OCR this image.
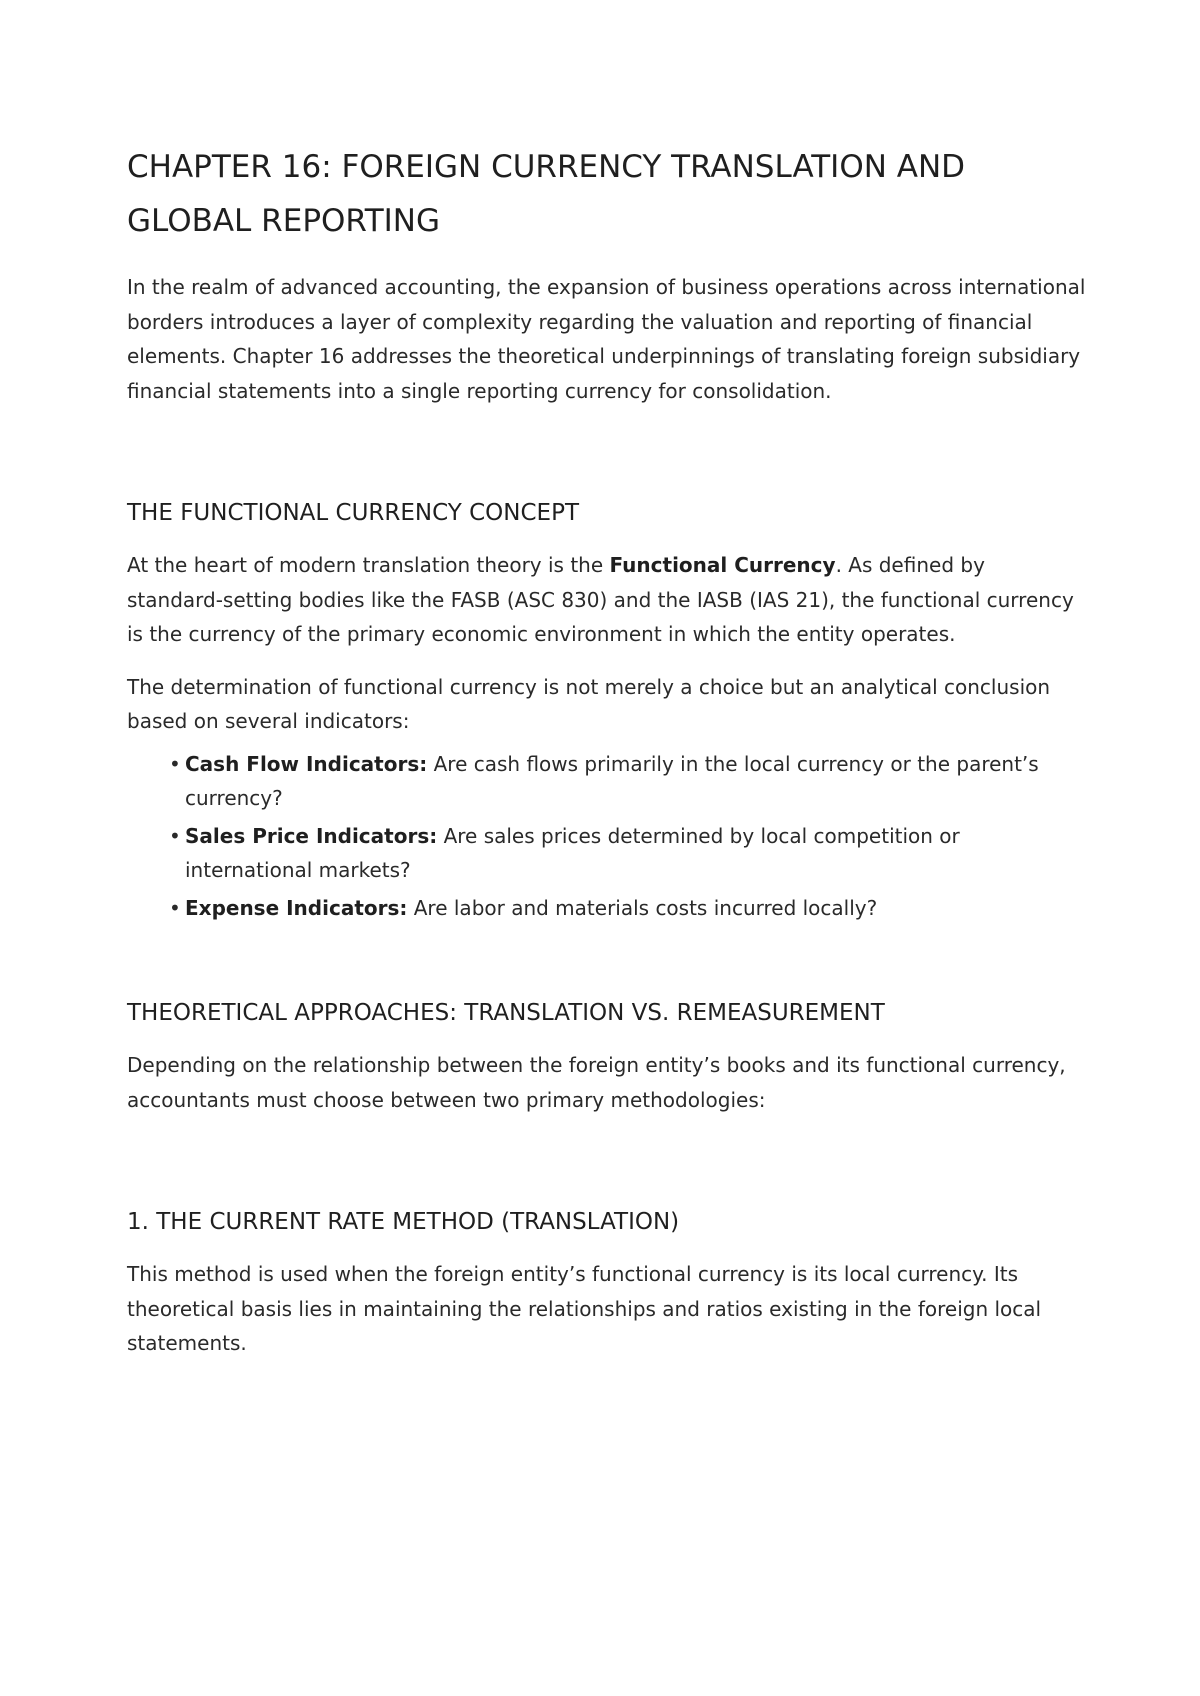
CHAPTER 16: FOREIGN CURRENCY TRANSLATION AND GLOBAL REPORTING

In the realm of advanced accounting, the expansion of business operations across international borders introduces a layer of complexity regarding the valuation and reporting of financial elements. Chapter 16 addresses the theoretical underpinnings of translating foreign subsidiary financial statements into a single reporting currency for consolidation.

THE FUNCTIONAL CURRENCY CONCEPT

At the heart of modern translation theory is the Functional Currency. As defined by standard-setting bodies like the FASB (ASC 830) and the IASB (IAS 21), the functional currency is the currency of the primary economic environment in which the entity operates.

The determination of functional currency is not merely a choice but an analytical conclusion based on several indicators:

• Cash Flow Indicators: Are cash flows primarily in the local currency or the parent’s currency?
• Sales Price Indicators: Are sales prices determined by local competition or international markets?
• Expense Indicators: Are labor and materials costs incurred locally?
THEORETICAL APPROACHES: TRANSLATION VS. REMEASUREMENT

Depending on the relationship between the foreign entity’s books and its functional currency, accountants must choose between two primary methodologies:

1. THE CURRENT RATE METHOD (TRANSLATION)

This method is used when the foreign entity’s functional currency is its local currency. Its theoretical basis lies in maintaining the relationships and ratios existing in the foreign local statements.
